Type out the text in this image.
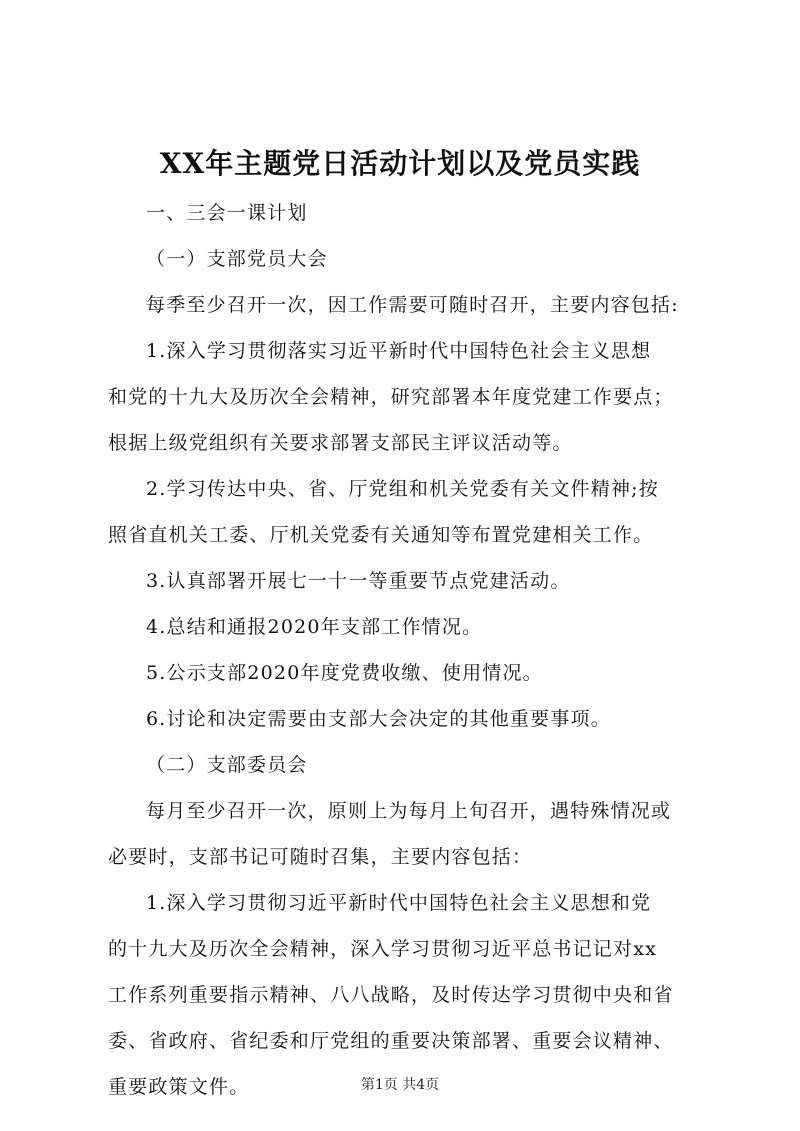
XX年主题党日活动计划以及党员实践
一、三会一课计划
（一）支部党员大会
每季至少召开一次，因工作需要可随时召开，主要内容包括:
1.深入学习贯彻落实习近平新时代中国特色社会主义思想
和党的十九大及历次全会精神，研究部署本年度党建工作要点；
根据上级党组织有关要求部署支部民主评议活动等。
2.学习传达中央、省、厅党组和机关党委有关文件精神;按
照省直机关工委、厅机关党委有关通知等布置党建相关工作。
3.认真部署开展七一十一等重要节点党建活动。
4.总结和通报2020年支部工作情况。
5.公示支部2020年度党费收缴、使用情况。
6.讨论和决定需要由支部大会决定的其他重要事项。
（二）支部委员会
每月至少召开一次，原则上为每月上旬召开，遇特殊情况或
必要时，支部书记可随时召集，主要内容包括：
1.深入学习贯彻习近平新时代中国特色社会主义思想和党
的十九大及历次全会精神，深入学习贯彻习近平总书记记对xx
工作系列重要指示精神、八八战略，及时传达学习贯彻中央和省
委、省政府、省纪委和厅党组的重要决策部署、重要会议精神、
重要政策文件。	第1页 共4页
